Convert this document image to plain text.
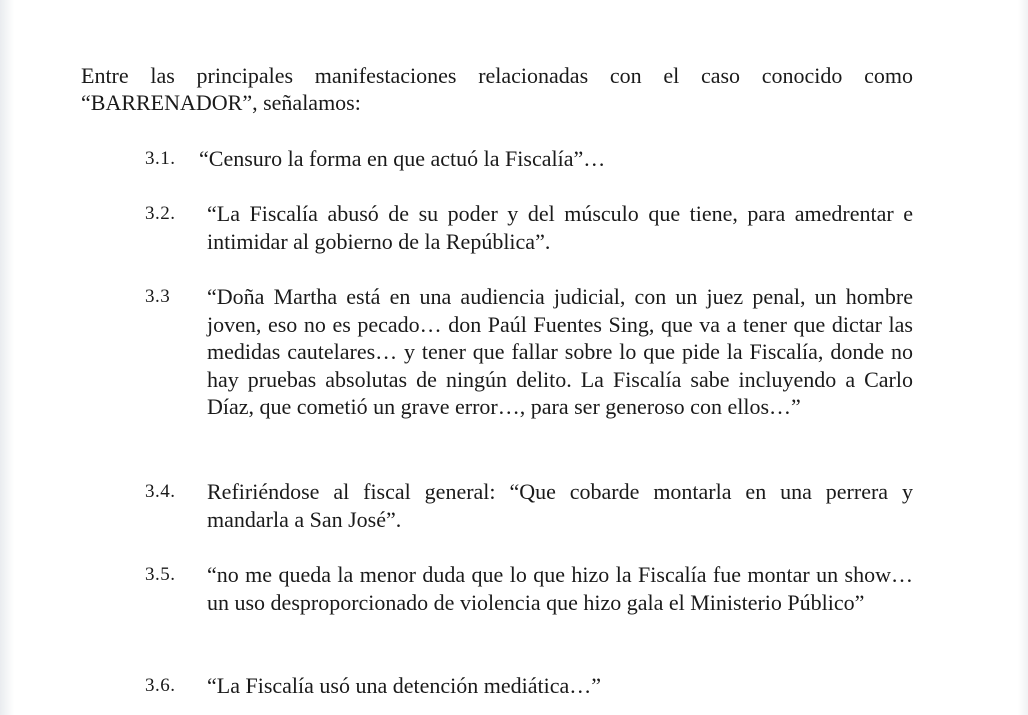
Entre las principales manifestaciones relacionadas con el caso conocido como “BARRENADOR”, señalamos:
3.1.	“Censuro la forma en que actuó la Fiscalía”…
3.2.	“La Fiscalía abusó de su poder y del músculo que tiene, para amedrentar e intimidar al gobierno de la República”.
3.3	“Doña Martha está en una audiencia judicial, con un juez penal, un hombre joven, eso no es pecado… don Paúl Fuentes Sing, que va a tener que dictar las medidas cautelares… y tener que fallar sobre lo que pide la Fiscalía, donde no hay pruebas absolutas de ningún delito. La Fiscalía sabe incluyendo a Carlo Díaz, que cometió un grave error…, para ser generoso con ellos…”
3.4.	Refiriéndose al fiscal general: “Que cobarde montarla en una perrera y mandarla a San José”.
3.5.	“no me queda la menor duda que lo que hizo la Fiscalía fue montar un show… un uso desproporcionado de violencia que hizo gala el Ministerio Público”
3.6.	“La Fiscalía usó una detención mediática…”
